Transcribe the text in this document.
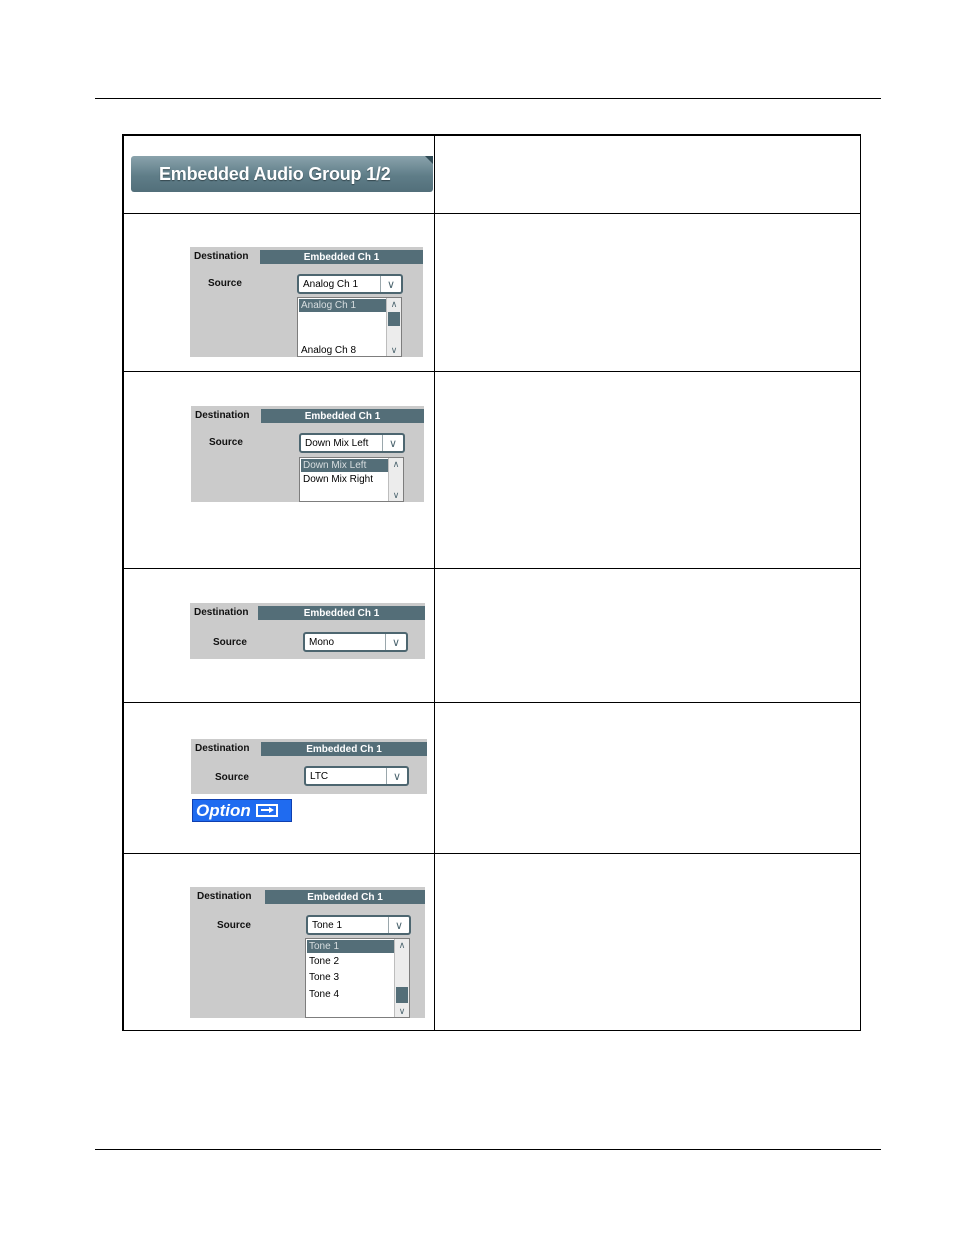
Embedded Audio Group 1/2
Destination	Embedded Ch 1
Source	Analog Ch 1	∨
Analog Ch 1
Analog Ch 8
∧
∨
Destination	Embedded Ch 1
Source	Down Mix Left	∨
Down Mix Left
Down Mix Right
∧
∨
Destination	Embedded Ch 1
Source	Mono	∨
Destination	Embedded Ch 1
Source	LTC	∨
Option
Destination	Embedded Ch 1
Source	Tone 1	∨
Tone 1
Tone 2
Tone 3
Tone 4
∧
∨
